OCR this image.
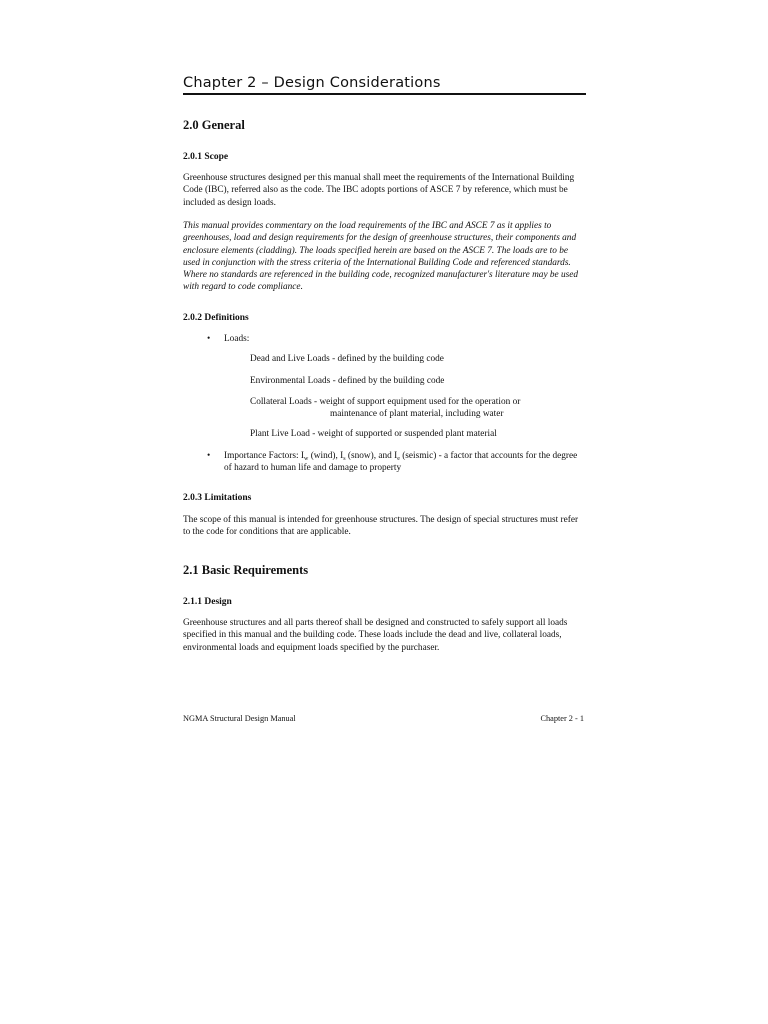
Chapter 2 – Design Considerations
2.0 General
2.0.1 Scope

Greenhouse structures designed per this manual shall meet the requirements of the International Building Code (IBC), referred also as the code. The IBC adopts portions of ASCE 7 by reference, which must be included as design loads.

This manual provides commentary on the load requirements of the IBC and ASCE 7 as it applies to greenhouses, load and design requirements for the design of greenhouse structures, their components and enclosure elements (cladding). The loads specified herein are based on the ASCE 7. The loads are to be used in conjunction with the stress criteria of the International Building Code and referenced standards. Where no standards are referenced in the building code, recognized manufacturer's literature may be used with regard to code compliance.

2.0.2 Definitions
• Loads:
Dead and Live Loads - defined by the building code
Environmental Loads - defined by the building code
Collateral Loads - weight of support equipment used for the operation or
maintenance of plant material, including water
Plant Live Load - weight of supported or suspended plant material
• Importance Factors: $I_w$ (wind), $I_s$ (snow), and $I_e$ (seismic) - a factor that accounts for the degree of hazard to human life and damage to property
2.0.3 Limitations

The scope of this manual is intended for greenhouse structures. The design of special structures must refer to the code for conditions that are applicable.

2.1 Basic Requirements
2.1.1 Design

Greenhouse structures and all parts thereof shall be designed and constructed to safely support all loads specified in this manual and the building code. These loads include the dead and live, collateral loads, environmental loads and equipment loads specified by the purchaser.

NGMA Structural Design Manual	Chapter 2 - 1
